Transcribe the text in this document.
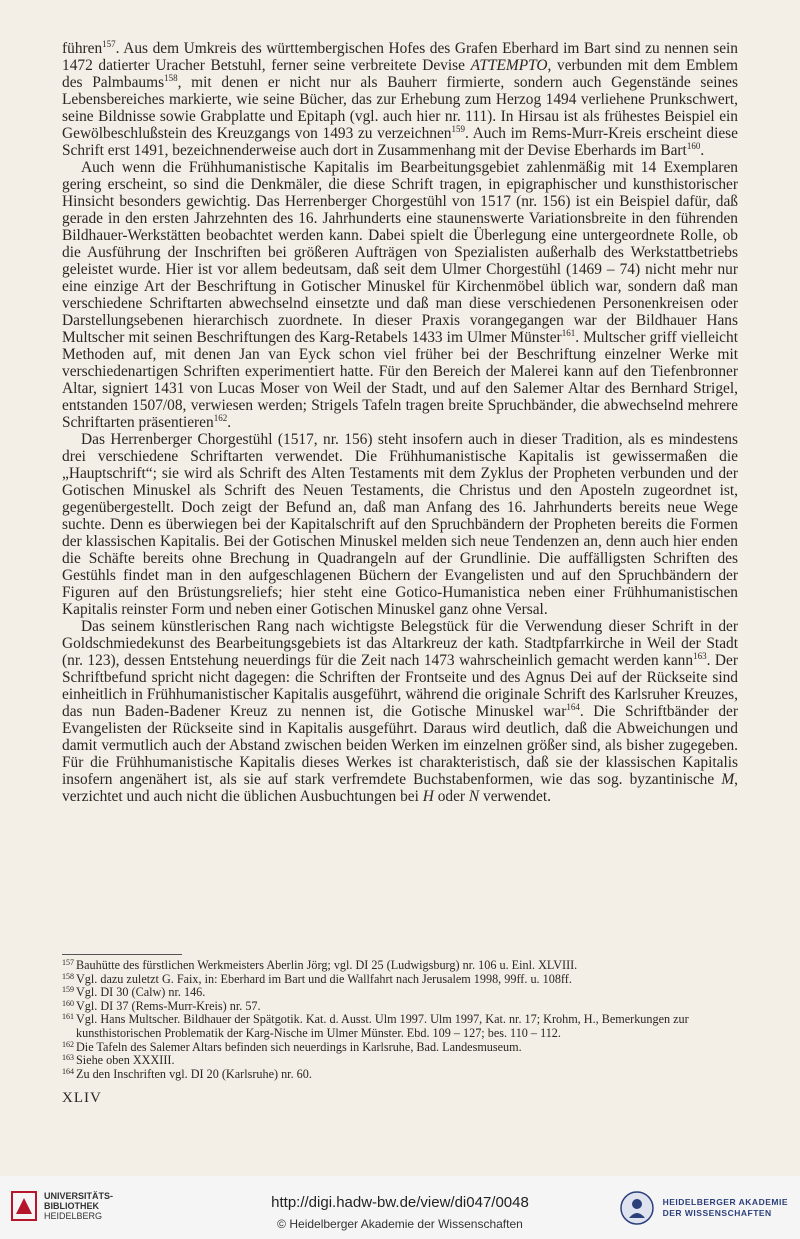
führen$^{157}$. Aus dem Umkreis des württembergischen Hofes des Grafen Eberhard im Bart sind zu nennen sein 1472 datierter Uracher Betstuhl, ferner seine verbreitete Devise ATTEMPTO, verbunden mit dem Emblem des Palmbaums$^{158}$, mit denen er nicht nur als Bauherr firmierte, sondern auch Gegenstände seines Lebensbereiches markierte, wie seine Bücher, das zur Erhebung zum Herzog 1494 verliehene Prunkschwert, seine Bildnisse sowie Grabplatte und Epitaph (vgl. auch hier nr. 111). In Hirsau ist als frühestes Beispiel ein Gewölbeschlußstein des Kreuzgangs von 1493 zu verzeichnen$^{159}$. Auch im Rems-Murr-Kreis erscheint diese Schrift erst 1491, bezeichnenderweise auch dort in Zusammenhang mit der Devise Eberhards im Bart$^{160}$.

Auch wenn die Frühhumanistische Kapitalis im Bearbeitungsgebiet zahlenmäßig mit 14 Exemplaren gering erscheint, so sind die Denkmäler, die diese Schrift tragen, in epigraphischer und kunsthistorischer Hinsicht besonders gewichtig. Das Herrenberger Chorgestühl von 1517 (nr. 156) ist ein Beispiel dafür, daß gerade in den ersten Jahrzehnten des 16. Jahrhunderts eine staunenswerte Variationsbreite in den führenden Bildhauer-Werkstätten beobachtet werden kann. Dabei spielt die Überlegung eine untergeordnete Rolle, ob die Ausführung der Inschriften bei größeren Aufträgen von Spezialisten außerhalb des Werkstattbetriebs geleistet wurde. Hier ist vor allem bedeutsam, daß seit dem Ulmer Chorgestühl (1469 – 74) nicht mehr nur eine einzige Art der Beschriftung in Gotischer Minuskel für Kirchenmöbel üblich war, sondern daß man verschiedene Schriftarten abwechselnd einsetzte und daß man diese verschiedenen Personenkreisen oder Darstellungsebenen hierarchisch zuordnete. In dieser Praxis vorangegangen war der Bildhauer Hans Multscher mit seinen Beschriftungen des Karg-Retabels 1433 im Ulmer Münster$^{161}$. Multscher griff vielleicht Methoden auf, mit denen Jan van Eyck schon viel früher bei der Beschriftung einzelner Werke mit verschiedenartigen Schriften experimentiert hatte. Für den Bereich der Malerei kann auf den Tiefenbronner Altar, signiert 1431 von Lucas Moser von Weil der Stadt, und auf den Salemer Altar des Bernhard Strigel, entstanden 1507/08, verwiesen werden; Strigels Tafeln tragen breite Spruchbänder, die abwechselnd mehrere Schriftarten präsentieren$^{162}$.

Das Herrenberger Chorgestühl (1517, nr. 156) steht insofern auch in dieser Tradition, als es mindestens drei verschiedene Schriftarten verwendet. Die Frühhumanistische Kapitalis ist gewissermaßen die „Hauptschrift“; sie wird als Schrift des Alten Testaments mit dem Zyklus der Propheten verbunden und der Gotischen Minuskel als Schrift des Neuen Testaments, die Christus und den Aposteln zugeordnet ist, gegenübergestellt. Doch zeigt der Befund an, daß man Anfang des 16. Jahrhunderts bereits neue Wege suchte. Denn es überwiegen bei der Kapitalschrift auf den Spruchbändern der Propheten bereits die Formen der klassischen Kapitalis. Bei der Gotischen Minuskel melden sich neue Tendenzen an, denn auch hier enden die Schäfte bereits ohne Brechung in Quadrangeln auf der Grundlinie. Die auffälligsten Schriften des Gestühls findet man in den aufgeschlagenen Büchern der Evangelisten und auf den Spruchbändern der Figuren auf den Brüstungsreliefs; hier steht eine Gotico-Humanistica neben einer Frühhumanistischen Kapitalis reinster Form und neben einer Gotischen Minuskel ganz ohne Versal.

Das seinem künstlerischen Rang nach wichtigste Belegstück für die Verwendung dieser Schrift in der Goldschmiedekunst des Bearbeitungsgebiets ist das Altarkreuz der kath. Stadtpfarrkirche in Weil der Stadt (nr. 123), dessen Entstehung neuerdings für die Zeit nach 1473 wahrscheinlich gemacht werden kann$^{163}$. Der Schriftbefund spricht nicht dagegen: die Schriften der Frontseite und des Agnus Dei auf der Rückseite sind einheitlich in Frühhumanistischer Kapitalis ausgeführt, während die originale Schrift des Karlsruher Kreuzes, das nun Baden-Badener Kreuz zu nennen ist, die Gotische Minuskel war$^{164}$. Die Schriftbänder der Evangelisten der Rückseite sind in Kapitalis ausgeführt. Daraus wird deutlich, daß die Abweichungen und damit vermutlich auch der Abstand zwischen beiden Werken im einzelnen größer sind, als bisher zugegeben. Für die Frühhumanistische Kapitalis dieses Werkes ist charakteristisch, daß sie der klassischen Kapitalis insofern angenähert ist, als sie auf stark verfremdete Buchstabenformen, wie das sog. byzantinische M, verzichtet und auch nicht die üblichen Ausbuchtungen bei H oder N verwendet.

157 Bauhütte des fürstlichen Werkmeisters Aberlin Jörg; vgl. DI 25 (Ludwigsburg) nr. 106 u. Einl. XLVIII.
158 Vgl. dazu zuletzt G. Faix, in: Eberhard im Bart und die Wallfahrt nach Jerusalem 1998, 99ff. u. 108ff.
159 Vgl. DI 30 (Calw) nr. 146.
160 Vgl. DI 37 (Rems-Murr-Kreis) nr. 57.
161 Vgl. Hans Multscher. Bildhauer der Spätgotik. Kat. d. Ausst. Ulm 1997. Ulm 1997, Kat. nr. 17; Krohm, H., Bemerkungen zur kunsthistorischen Problematik der Karg-Nische im Ulmer Münster. Ebd. 109 – 127; bes. 110 – 112.
162 Die Tafeln des Salemer Altars befinden sich neuerdings in Karlsruhe, Bad. Landesmuseum.
163 Siehe oben XXXIII.
164 Zu den Inschriften vgl. DI 20 (Karlsruhe) nr. 60.
XLIV
UNIVERSITÄTS-
BIBLIOTHEK
HEIDELBERG
http://digi.hadw-bw.de/view/di047/0048
© Heidelberger Akademie der Wissenschaften
HEIDELBERGER AKADEMIE
DER WISSENSCHAFTEN
